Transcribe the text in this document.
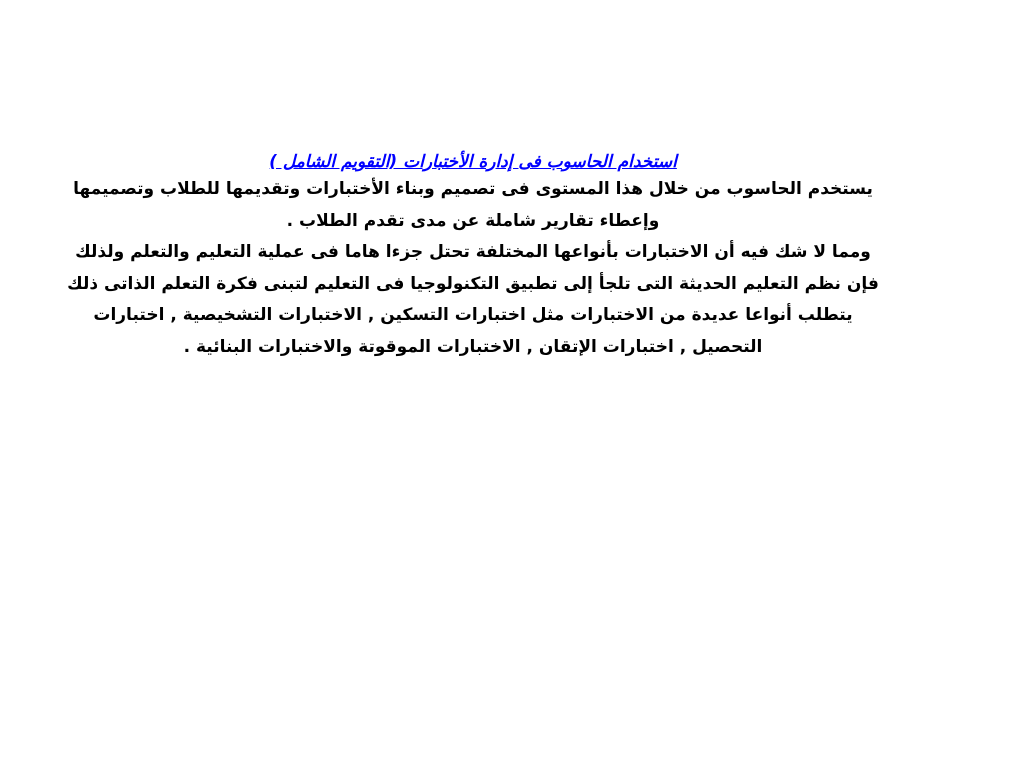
استخدام الحاسوب فى إدارة الأختبارات (التقويم الشامل )

يستخدم الحاسوب من خلال هذا المستوى فى تصميم وبناء الأختبارات وتقديمها للطلاب وتصميمها وإعطاء تقارير شاملة عن مدى تقدم الطلاب .

ومما لا شك فيه أن الاختبارات بأنواعها المختلفة تحتل جزءا هاما فى عملية التعليم والتعلم ولذلك فإن نظم التعليم الحديثة التى تلجأ إلى تطبيق التكنولوجيا فى التعليم لتبنى فكرة التعلم الذاتى ذلك يتطلب أنواعا عديدة من الاختبارات مثل اختبارات التسكين , الاختبارات التشخيصية , اختبارات التحصيل , اختبارات الإتقان , الاختبارات الموقوتة والاختبارات البنائية .
